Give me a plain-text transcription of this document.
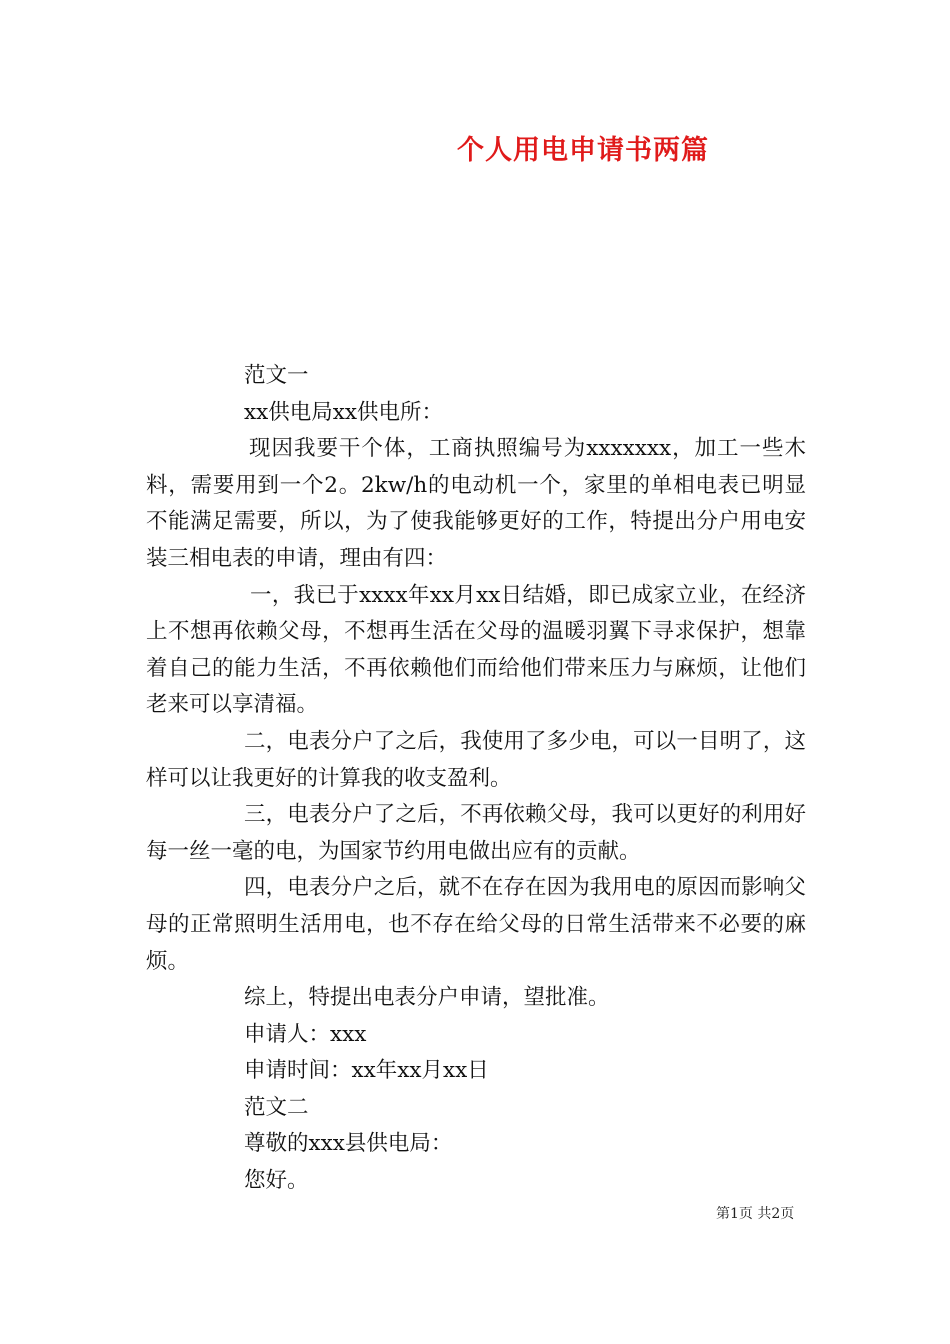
个人用电申请书两篇

范文一

xx供电局xx供电所：

现因我要干个体，工商执照编号为xxxxxxx，加工一些木料，需要用到一个2。2kw/h的电动机一个，家里的单相电表已明显不能满足需要，所以，为了使我能够更好的工作，特提出分户用电安装三相电表的申请，理由有四：

一，我已于xxxx年xx月xx日结婚，即已成家立业，在经济上不想再依赖父母，不想再生活在父母的温暖羽翼下寻求保护，想靠着自己的能力生活，不再依赖他们而给他们带来压力与麻烦，让他们老来可以享清福。

二，电表分户了之后，我使用了多少电，可以一目明了，这样可以让我更好的计算我的收支盈利。

三，电表分户了之后，不再依赖父母，我可以更好的利用好每一丝一毫的电，为国家节约用电做出应有的贡献。

四，电表分户之后，就不在存在因为我用电的原因而影响父母的正常照明生活用电，也不存在给父母的日常生活带来不必要的麻烦。

综上，特提出电表分户申请，望批准。

申请人：xxx

申请时间：xx年xx月xx日

范文二

尊敬的xxx县供电局：

您好。

第1页 共2页
